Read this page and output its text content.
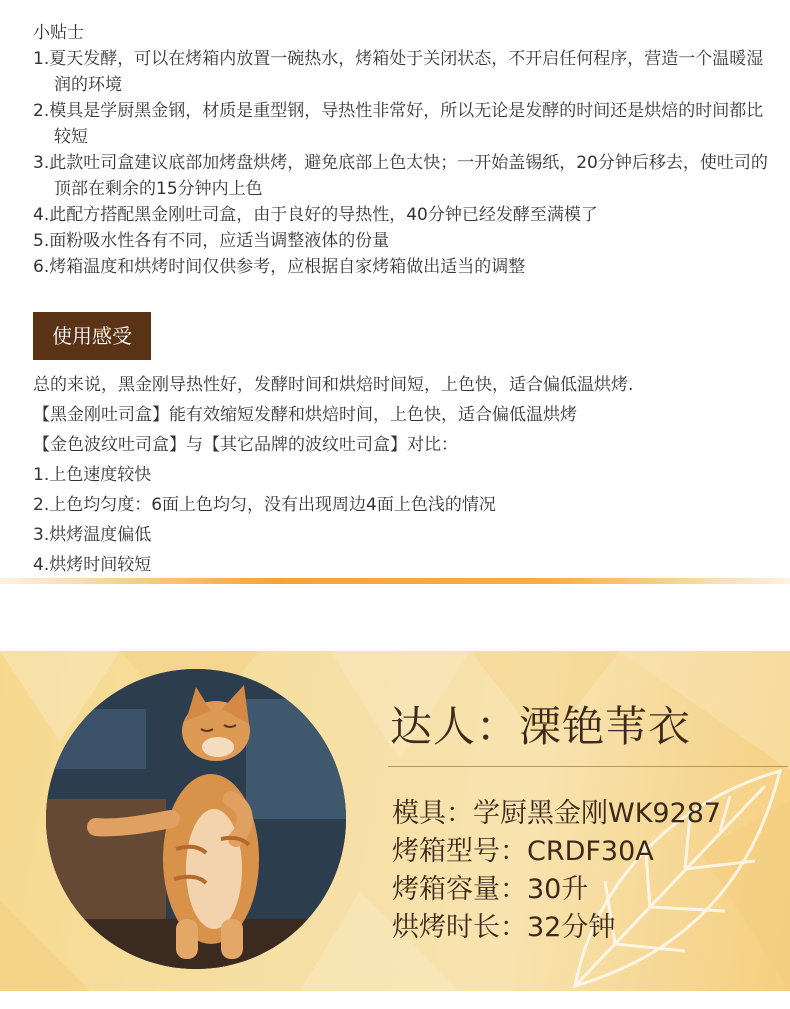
小贴士
1.夏天发酵，可以在烤箱内放置一碗热水，烤箱处于关闭状态，不开启任何程序，营造一个温暖湿润的环境
2.模具是学厨黑金钢，材质是重型钢，导热性非常好，所以无论是发酵的时间还是烘焙的时间都比较短
3.此款吐司盒建议底部加烤盘烘烤，避免底部上色太快；一开始盖锡纸，20分钟后移去，使吐司的顶部在剩余的15分钟内上色
4.此配方搭配黑金刚吐司盒，由于良好的导热性，40分钟已经发酵至满模了
5.面粉吸水性各有不同，应适当调整液体的份量
6.烤箱温度和烘烤时间仅供参考，应根据自家烤箱做出适当的调整
使用感受
总的来说，黑金刚导热性好，发酵时间和烘焙时间短，上色快，适合偏低温烘烤.
【黑金刚吐司盒】能有效缩短发酵和烘焙时间，上色快，适合偏低温烘烤
【金色波纹吐司盒】与【其它品牌的波纹吐司盒】对比：
1.上色速度较快
2.上色均匀度：6面上色均匀，没有出现周边4面上色浅的情况
3.烘烤温度偏低
4.烘烤时间较短
达人：溧铯苇衣
模具：学厨黑金刚WK9287
烤箱型号：CRDF30A
烤箱容量：30升
烘烤时长：32分钟
